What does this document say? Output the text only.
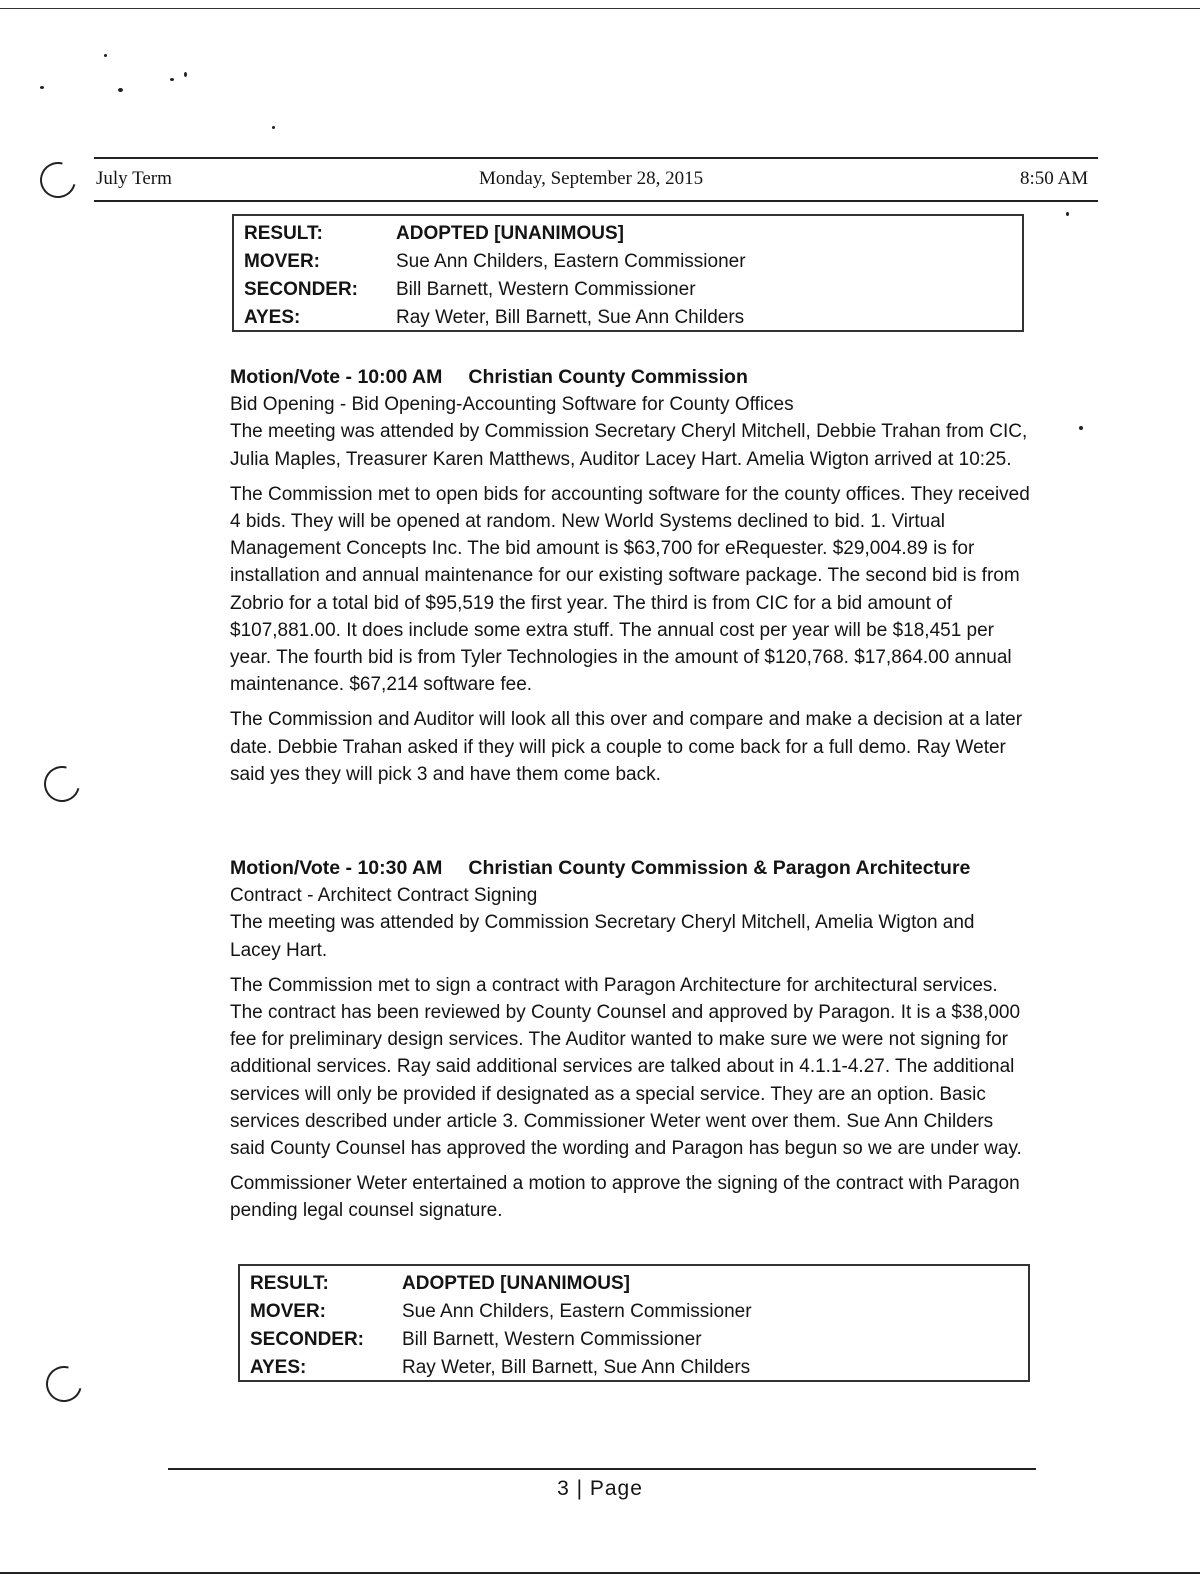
July Term	Monday, September 28, 2015	8:50 AM
RESULT:	ADOPTED [UNANIMOUS]
MOVER:	Sue Ann Childers, Eastern Commissioner
SECONDER:	Bill Barnett, Western Commissioner
AYES:	Ray Weter, Bill Barnett, Sue Ann Childers
Motion/Vote - 10:00 AM Christian County Commission
Bid Opening - Bid Opening-Accounting Software for County Offices

The meeting was attended by Commission Secretary Cheryl Mitchell, Debbie Trahan from CIC, Julia Maples, Treasurer Karen Matthews, Auditor Lacey Hart. Amelia Wigton arrived at 10:25.

The Commission met to open bids for accounting software for the county offices. They received 4 bids. They will be opened at random. New World Systems declined to bid. 1. Virtual Management Concepts Inc. The bid amount is $63,700 for eRequester. $29,004.89 is for installation and annual maintenance for our existing software package. The second bid is from Zobrio for a total bid of $95,519 the first year. The third is from CIC for a bid amount of $107,881.00. It does include some extra stuff. The annual cost per year will be $18,451 per year. The fourth bid is from Tyler Technologies in the amount of $120,768. $17,864.00 annual maintenance. $67,214 software fee.

The Commission and Auditor will look all this over and compare and make a decision at a later date. Debbie Trahan asked if they will pick a couple to come back for a full demo. Ray Weter said yes they will pick 3 and have them come back.

Motion/Vote - 10:30 AM Christian County Commission & Paragon Architecture
Contract - Architect Contract Signing

The meeting was attended by Commission Secretary Cheryl Mitchell, Amelia Wigton and Lacey Hart.

The Commission met to sign a contract with Paragon Architecture for architectural services. The contract has been reviewed by County Counsel and approved by Paragon. It is a $38,000 fee for preliminary design services. The Auditor wanted to make sure we were not signing for additional services. Ray said additional services are talked about in 4.1.1-4.27. The additional services will only be provided if designated as a special service. They are an option. Basic services described under article 3. Commissioner Weter went over them. Sue Ann Childers said County Counsel has approved the wording and Paragon has begun so we are under way.

Commissioner Weter entertained a motion to approve the signing of the contract with Paragon pending legal counsel signature.

RESULT:	ADOPTED [UNANIMOUS]
MOVER:	Sue Ann Childers, Eastern Commissioner
SECONDER:	Bill Barnett, Western Commissioner
AYES:	Ray Weter, Bill Barnett, Sue Ann Childers
3 | Page
